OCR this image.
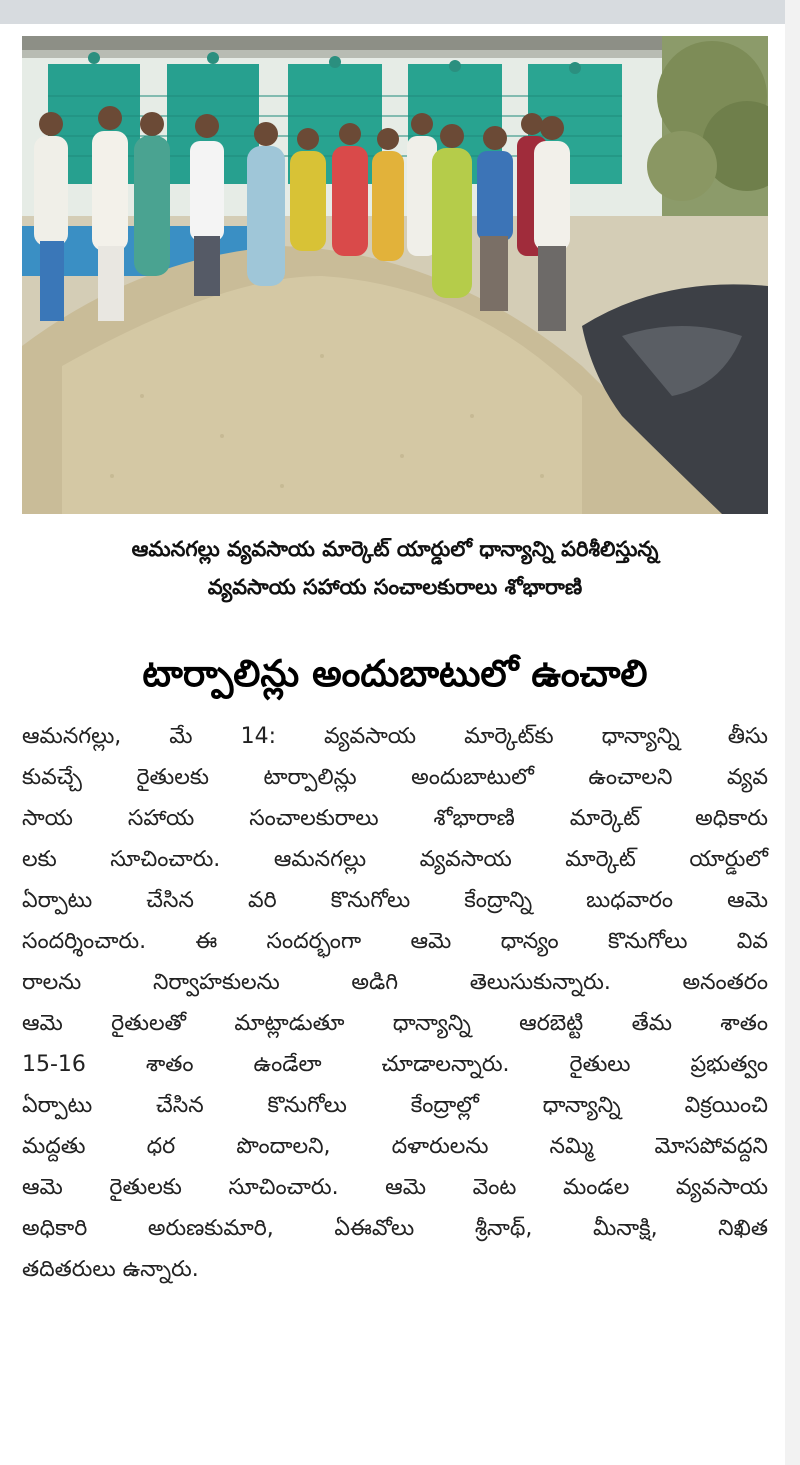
ఆమనగల్లు వ్యవసాయ మార్కెట్ యార్డులో ధాన్యాన్ని పరిశీలిస్తున్న
వ్యవసాయ సహాయ సంచాలకురాలు శోభారాణి
టార్పాలిన్లు అందుబాటులో ఉంచాలి
ఆమనగల్లు, మే 14: వ్యవసాయ మార్కెట్‌కు ధాన్యాన్ని తీసు
కువచ్చే రైతులకు టార్పాలిన్లు అందుబాటులో ఉంచాలని వ్యవ
సాయ సహాయ సంచాలకురాలు శోభారాణి మార్కెట్ అధికారు
లకు సూచించారు. ఆమనగల్లు వ్యవసాయ మార్కెట్ యార్డులో
ఏర్పాటు చేసిన వరి కొనుగోలు కేంద్రాన్ని బుధవారం ఆమె
సందర్శించారు. ఈ సందర్భంగా ఆమె ధాన్యం కొనుగోలు వివ
రాలను నిర్వాహకులను అడిగి తెలుసుకున్నారు. అనంతరం
ఆమె రైతులతో మాట్లాడుతూ ధాన్యాన్ని ఆరబెట్టి తేమ శాతం
15-16 శాతం ఉండేలా చూడాలన్నారు. రైతులు ప్రభుత్వం
ఏర్పాటు చేసిన కొనుగోలు కేంద్రాల్లో ధాన్యాన్ని విక్రయించి
మద్దతు ధర పొందాలని, దళారులను నమ్మి మోసపోవద్దని
ఆమె రైతులకు సూచించారు. ఆమె వెంట మండల వ్యవసాయ
అధికారి అరుణకుమారి, ఏఈవోలు శ్రీనాథ్, మీనాక్షి, నిఖిత
తదితరులు ఉన్నారు.
